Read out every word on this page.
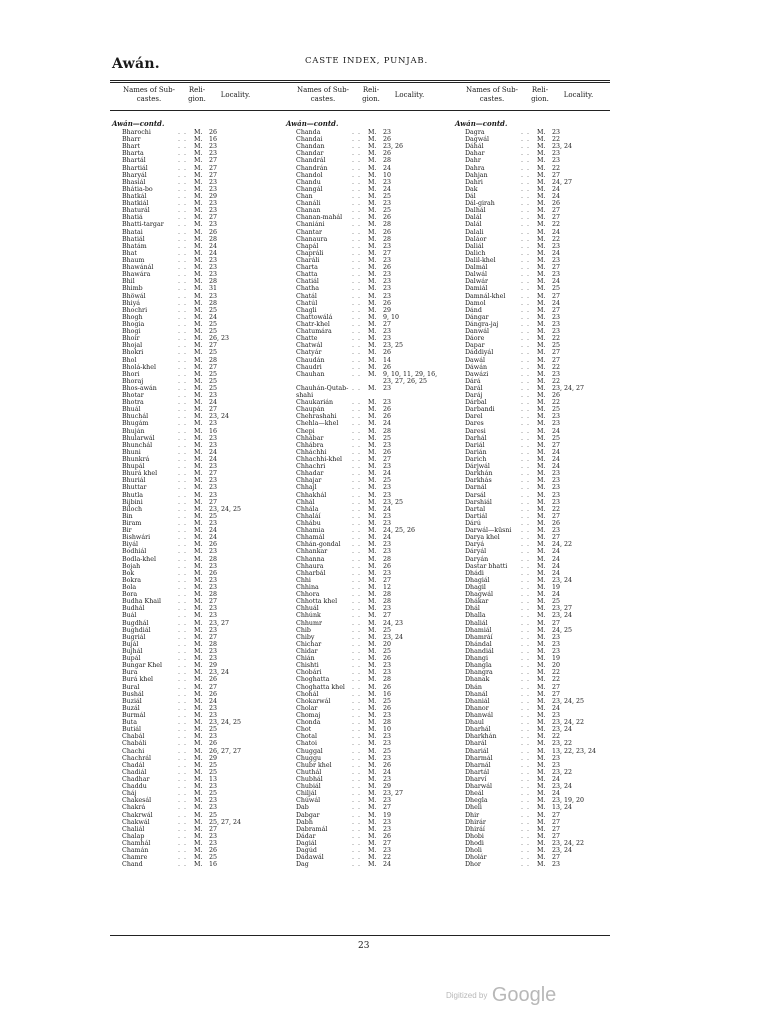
Awán.	CASTE INDEX, PUNJAB.
Names of Sub-castes.
Reli-gion.	Locality.
Awán—contd.
Bharochi	. .	M. 26
Bharr	. .	M. 16
Bhart	. .	M. 23
Bharta	. .	M. 23
Bhartál	. .	M. 27
Bhartiál	. .	M. 27
Bharyál	. .	M. 27
Bhasiál	. .	M. 23
Bhátia-bo	. .	M. 23
Bhatkál	. .	M. 29
Bhatkiál	. .	M. 23
Bhaturál	. .	M. 23
Bhatiá	. .	M. 27
Bhatti-targar . .	M. 23
Bhatai	. .	M. 26
Bhatiál	. .	M. 28
Bhatám	. .	M. 24
Bhat	. .	M. 24
Bhaum	. .	M. 23
Bhawánál	. .	M. 23
Bhawára	. .	M. 23
Bhil	. .	M. 28
Bhimb	. .	M. 31
Bhöwál	. .	M. 23
Bhiyá	. .	M. 28
Bhochri	. .	M. 25
Bhogh	. .	M. 24
Bhogia	. .	M. 25
Bhogi	. .	M. 25
Bhoir	. .	M. 26, 23
Bhojal	. .	M. 27
Bhokri	. .	M. 25
Bhol	. .	M. 28
Bholá-khel	. .	M. 27
Bhori	. .	M. 25
Bhoraj	. .	M. 25
Bhos-awán	. .	M. 25
Bhotar	. .	M. 23
Bhotra	. .	M. 24
Bhuál	. .	M. 27
Bhuchál	. .	M. 23, 24
Bhugám	. .	M. 23
Bhuján	. .	M. 16
Bhularwál	. .	M. 23
Bhunchál	. .	M. 23
Bhuni	. .	M. 24
Bhunkrá	. .	M. 24
Bhupál	. .	M. 23
Bhurá khel	. .	M. 27
Bhuriál	. .	M. 23
Bhuttar	. .	M. 23
Bhutla	. .	M. 23
Bijbini	. .	M. 27
Biloch	. .	M. 23, 24, 25
Bin	. .	M. 25
Biram	. .	M. 23
Bir	. .	M. 24
Bishwári	. .	M. 24
Biyál	. .	M. 26
Bodhiál	. .	M. 23
Bodla-khel	. .	M. 28
Bojah	. .	M. 23
Bok	. .	M. 26
Bokra	. .	M. 23
Bola	. .	M. 23
Bora	. .	M. 28
Budha Khail	. .	M. 27
Budhál	. .	M. 23
Buál	. .	M. 23
Bugdhál	. .	M. 23, 27
Bughdiál	. .	M. 23
Bugriál	. .	M. 27
Bujál	. .	M. 28
Bujhál	. .	M. 23
Bupál	. .	M. 23
Bungar Khel	. .	M. 29
Bura	. .	M. 23, 24
Burá khel	. .	M. 26
Bural	. .	M. 27
Bushál	. .	M. 26
Buziál	. .	M. 24
Buzál	. .	M. 23
Burmál	. .	M. 23
Buta	. .	M. 23, 24, 25
Butiál	. .	M. 25
Chabál	. .	M. 23
Chabáli	. .	M. 26
Chachi	. .	M. 26, 27, 27
Chachrál	. .	M. 29
Chadál	. .	M. 25
Chadiál	. .	M. 25
Chadhar	. .	M. 13
Chaddu	. .	M. 23
Cháj	. .	M. 25
Chakesál	. .	M. 23
Chakrá	. .	M. 23
Chakrwál	. .	M. 25
Chakwál	. .	M. 25, 27, 24
Chaliál	. .	M. 27
Chalap	. .	M. 23
Chamhál	. .	M. 23
Chamán	. .	M. 26
Chamre	. .	M. 25
Chand	. .	M. 16
Names of Sub-castes.
Reli-gion.	Locality.
Awán—contd.
Chanda	. .	M. 23
Chandai	. .	M. 26
Chandan	. .	M. 23, 26
Chandar	. .	M. 26
Chandrál	. .	M. 28
Chandrán	. .	M. 24
Chandol	. .	M. 10
Chandu	. .	M. 23
Changál	. .	M. 24
Chan	. .	M. 25
Chanáli	. .	M. 23
Chanan	. .	M. 25
Chanan-mahál . .	M. 26
Chaniáni	. .	M. 28
Chantar	. .	M. 26
Chanaura	. .	M. 28
Chapál	. .	M. 23
Chapráli	. .	M. 27
Charáli	. .	M. 23
Charta	. .	M. 26
Chatta	. .	M. 23
Chatiál	. .	M. 23
Chatha	. .	M. 23
Chatál	. .	M. 23
Chatúl	. .	M. 26
Chagli	. .	M. 29
Chattowálá	. .	M. 9, 10
Chatr-khel	. .	M. 27
Chatumára	. .	M. 23
Chatte	. .	M. 23
Chatwál	. .	M. 23, 25
Chatyár	. .	M. 26
Chaudán	. .	M. 14
Chaudri	. .	M. 26
Chauhan	. .	M. 9, 10, 11, 29, 16,
23, 27, 26, 25
Chauhán-Qutab- . .	M. 23
shahi
Chaukarián	. .	M. 23
Chaupán	. .	M. 26
Chehrashahi . .	M. 26
Chehla—khel . .	M. 24
Chepi	. .	M. 28
Chhábar	. .	M. 25
Chhábra	. .	M. 23
Chháchhi	. .	M. 26
Chhachhi-khel . .	M. 27
Chhachri	. .	M. 23
Chhadar	. .	M. 24
Chhajar	. .	M. 25
Chhajl	. .	M. 23
Chhakhál	. .	M. 23
Chhál	. .	M. 23, 25
Chhála	. .	M. 24
Chhaláí	. .	M. 23
Chhábu	. .	M. 23
Chhamia	. .	M. 24, 25, 26
Chhamál	. .	M. 24
Chhán-gondal . .	M. 23
Chhankar	. .	M. 23
Chhanna	. .	M. 28
Chhaura	. .	M. 26
Chharbál	. .	M. 23
Chhi	. .	M. 27
Chhina	. .	M. 12
Chhora	. .	M. 28
Chhotta khel . .	M. 28
Chhuál	. .	M. 23
Chhúnk	. .	M. 27
Chhumr	. .	M. 24, 23
Chib	. .	M. 25
Chiby	. .	M. 23, 24
Chichar	. .	M. 20
Chidar	. .	M. 25
Chián	. .	M. 26
Chishti	. .	M. 23
Chobári	. .	M. 23
Choghatta	. .	M. 28
Choghatta khel . .	M. 26
Chohál	. .	M. 16
Chokarwál	. .	M. 25
Cholar	. .	M. 26
Chomaj	. .	M. 23
Chonda	. .	M. 28
Chot	. .	M. 10
Chotal	. .	M. 23
Chatoi	. .	M. 23
Chuggal	. .	M. 25
Chuggu	. .	M. 23
Chubr khel	. .	M. 26
Chuthál	. .	M. 24
Chubhál	. .	M. 23
Chubiál	. .	M. 29
Chiljál	. .	M. 23, 27
Chúwál	. .	M. 23
Dab	. .	M. 27
Dabgar	. .	M. 19
Dabh	. .	M. 23
Dabramál	. .	M. 23
Dádar	. .	M. 26
Dagiál	. .	M. 27
Dagúd	. .	M. 23
Dádawál	. .	M. 22
Dag	. .	M. 24
Names of Sub-castes.
Reli-gion.	Locality.
Awán—contd.
Dagra	. .	M. 23
Dagwál	. .	M. 22
Dáhál	. .	M. 23, 24
Dahar	. .	M. 23
Dahr	. .	M. 23
Dahra	. .	M. 22
Dahjan	. .	M. 27
Dahri	. .	M. 24, 27
Dak	. .	M. 24
Dál	. .	M. 24
Dál-girah	. .	M. 26
Dalhál	. .	M. 27
Dalál	. .	M. 27
Dalál	. .	M. 22
Dalali	. .	M. 24
Daláor	. .	M. 22
Daliál	. .	M. 23
Dalich	. .	M. 24
Dalil-khel	. .	M. 23
Dalmál	. .	M. 27
Dalwál	. .	M. 23
Dalwár	. .	M. 24
Damiál	. .	M. 25
Damnál-khel . .	M. 27
Damol	. .	M. 24
Dánd	. .	M. 27
Dángar	. .	M. 23
Dángra-jaj	. .	M. 23
Danwál	. .	M. 23
Dáore	. .	M. 22
Dapar	. .	M. 25
Dáddiyál	. .	M. 27
Dawál	. .	M. 27
Dáwán	. .	M. 22
Dawázi	. .	M. 23
Dárá	. .	M. 22
Darál	. .	M. 23, 24, 27
Daráj	. .	M. 26
Dárbal	. .	M. 22
Darbandi	. .	M. 25
Darel	. .	M. 23
Dares	. .	M. 23
Daresi	. .	M. 24
Darhál	. .	M. 25
Dariál	. .	M. 27
Darián	. .	M. 24
Darich	. .	M. 24
Dárjwál	. .	M. 24
Darkhán	. .	M. 23
Darkhás	. .	M. 23
Darnál	. .	M. 23
Darsál	. .	M. 23
Darshiál	. .	M. 23
Dartal	. .	M. 22
Dartiál	. .	M. 27
Dárú	. .	M. 26
Darwál—küsni . .	M. 23
Darya khel	. .	M. 27
Daryá	. .	M. 24, 22
Dáryál	. .	M. 24
Daryán	. .	M. 24
Dastar bhatti . .	M. 24
Dhádi	. .	M. 24
Dhagiál	. .	M. 23, 24
Dhagil	. .	M. 19
Dhagwál	. .	M. 24
Dhákar	. .	M. 25
Dhál	. .	M. 23, 27
Dhalla	. .	M. 23, 24
Dhaliál	. .	M. 27
Dhamiál	. .	M. 24, 25
Dhamráí	. .	M. 23
Dhándal	. .	M. 23
Dhandiál	. .	M. 23
Dhangi	. .	M. 19
Dhangla	. .	M. 20
Dhangra	. .	M. 22
Dhanak	. .	M. 22
Dhán	. .	M. 27
Dhanál	. .	M. 27
Dhaniál	. .	M. 23, 24, 25
Dhanor	. .	M. 24
Dhanwál	. .	M. 23
Dhaul	. .	M. 23, 24, 22
Dharhál	. .	M. 23, 24
Dharkhán	. .	M. 22
Dharál	. .	M. 23, 22
Dhariál	. .	M. 13, 22, 23, 24
Dharmál	. .	M. 23
Dharnál	. .	M. 23
Dhartál	. .	M. 23, 22
Dharví	. .	M. 24
Dharwál	. .	M. 23, 24
Dheál	. .	M. 24
Dhegla	. .	M. 23, 19, 20
Dheli	. .	M. 13, 24
Dhir	. .	M. 27
Dhirár	. .	M. 27
Dhiráí	. .	M. 27
Dhobi	. .	M. 27
Dhodi	. .	M. 23, 24, 22
Dholi	. .	M. 23, 24
Dholár	. .	M. 27
Dhor	. .	M. 23
23
Digitized by Google
